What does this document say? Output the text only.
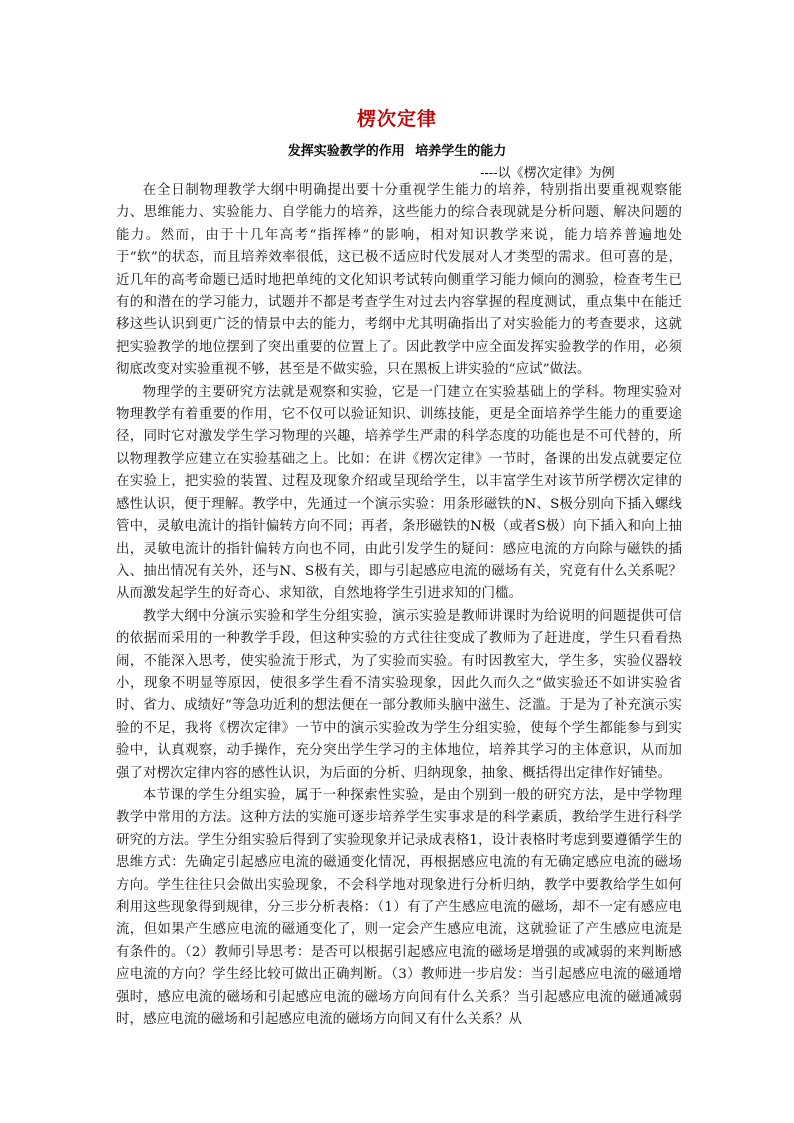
楞次定律
发挥实验教学的作用 培养学生的能力
----以《楞次定律》为例

在全日制物理教学大纲中明确提出要十分重视学生能力的培养，特别指出要重视观察能力、思维能力、实验能力、自学能力的培养，这些能力的综合表现就是分析问题、解决问题的能力。然而，由于十几年高考“指挥棒”的影响，相对知识教学来说，能力培养普遍地处于“软”的状态，而且培养效率很低，这已极不适应时代发展对人才类型的需求。但可喜的是，近几年的高考命题已适时地把单纯的文化知识考试转向侧重学习能力倾向的测验，检查考生已有的和潜在的学习能力，试题并不都是考查学生对过去内容掌握的程度测试，重点集中在能迁移这些认识到更广泛的情景中去的能力，考纲中尤其明确指出了对实验能力的考查要求，这就把实验教学的地位摆到了突出重要的位置上了。因此教学中应全面发挥实验教学的作用，必须彻底改变对实验重视不够，甚至是不做实验，只在黑板上讲实验的“应试”做法。

物理学的主要研究方法就是观察和实验，它是一门建立在实验基础上的学科。物理实验对物理教学有着重要的作用，它不仅可以验证知识、训练技能，更是全面培养学生能力的重要途径，同时它对激发学生学习物理的兴趣，培养学生严肃的科学态度的功能也是不可代替的，所以物理教学应建立在实验基础之上。比如：在讲《楞次定律》一节时，备课的出发点就要定位在实验上，把实验的装置、过程及现象介绍或呈现给学生，以丰富学生对该节所学楞次定律的感性认识，便于理解。教学中，先通过一个演示实验：用条形磁铁的N、S极分别向下插入螺线管中，灵敏电流计的指针偏转方向不同；再者，条形磁铁的N极（或者S极）向下插入和向上抽出，灵敏电流计的指针偏转方向也不同，由此引发学生的疑问：感应电流的方向除与磁铁的插入、抽出情况有关外，还与N、S极有关，即与引起感应电流的磁场有关，究竟有什么关系呢？从而激发起学生的好奇心、求知欲，自然地将学生引进求知的门槛。

教学大纲中分演示实验和学生分组实验，演示实验是教师讲课时为给说明的问题提供可信的依据而采用的一种教学手段，但这种实验的方式往往变成了教师为了赶进度，学生只看看热闹，不能深入思考，使实验流于形式，为了实验而实验。有时因教室大，学生多，实验仪器较小，现象不明显等原因，使很多学生看不清实验现象，因此久而久之“做实验还不如讲实验省时、省力、成绩好”等急功近利的想法便在一部分教师头脑中滋生、泛滥。于是为了补充演示实验的不足，我将《楞次定律》一节中的演示实验改为学生分组实验，使每个学生都能参与到实验中，认真观察，动手操作，充分突出学生学习的主体地位，培养其学习的主体意识，从而加强了对楞次定律内容的感性认识，为后面的分析、归纳现象，抽象、概括得出定律作好铺垫。

本节课的学生分组实验，属于一种探索性实验，是由个别到一般的研究方法，是中学物理教学中常用的方法。这种方法的实施可逐步培养学生实事求是的科学素质，教给学生进行科学研究的方法。学生分组实验后得到了实验现象并记录成表格1，设计表格时考虑到要遵循学生的思维方式：先确定引起感应电流的磁通变化情况，再根据感应电流的有无确定感应电流的磁场方向。学生往往只会做出实验现象，不会科学地对现象进行分析归纳，教学中要教给学生如何利用这些现象得到规律，分三步分析表格：（1）有了产生感应电流的磁场，却不一定有感应电流，但如果产生感应电流的磁通变化了，则一定会产生感应电流，这就验证了产生感应电流是有条件的。（2）教师引导思考：是否可以根据引起感应电流的磁场是增强的或减弱的来判断感应电流的方向？学生经比较可做出正确判断。（3）教师进一步启发：当引起感应电流的磁通增强时，感应电流的磁场和引起感应电流的磁场方向间有什么关系？当引起感应电流的磁通减弱时，感应电流的磁场和引起感应电流的磁场方向间又有什么关系？从
